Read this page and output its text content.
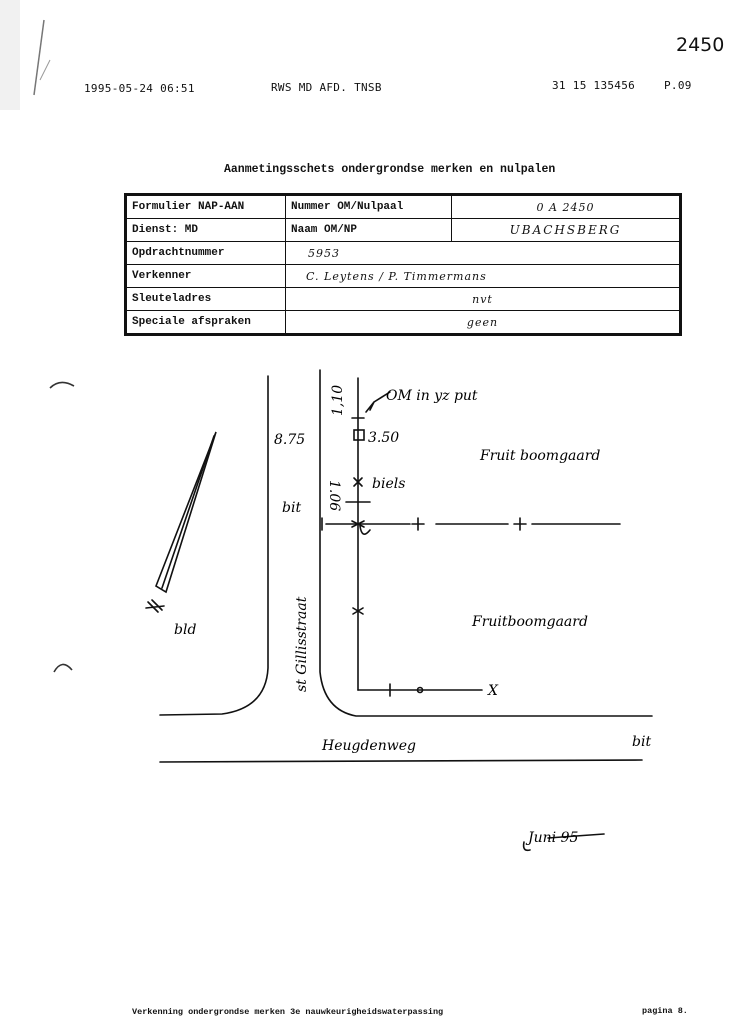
2450
1995-05-24 06:51	RWS MD AFD. TNSB	31 15 135456	P.09
Aanmetingsschets ondergrondse merken en nulpalen
Formulier NAP-AAN	Nummer OM/Nulpaal	0 A 2450
Dienst: MD	Naam OM/NP	UBACHSBERG
Opdrachtnummer	5953	
Verkenner	C. Leytens / P. Timmermans	
Sleuteladres	nvt	
Speciale afspraken	geen	
OM in yz put
1,10
8.75	3.50
1.06 biels
bit
Fruit boomgaard
Fruitboomgaard
st Gillisstraat
Heugdenweg	bit
bld
X
Juni 95
Verkenning ondergrondse merken 3e nauwkeurigheidswaterpassing	pagina 8.
